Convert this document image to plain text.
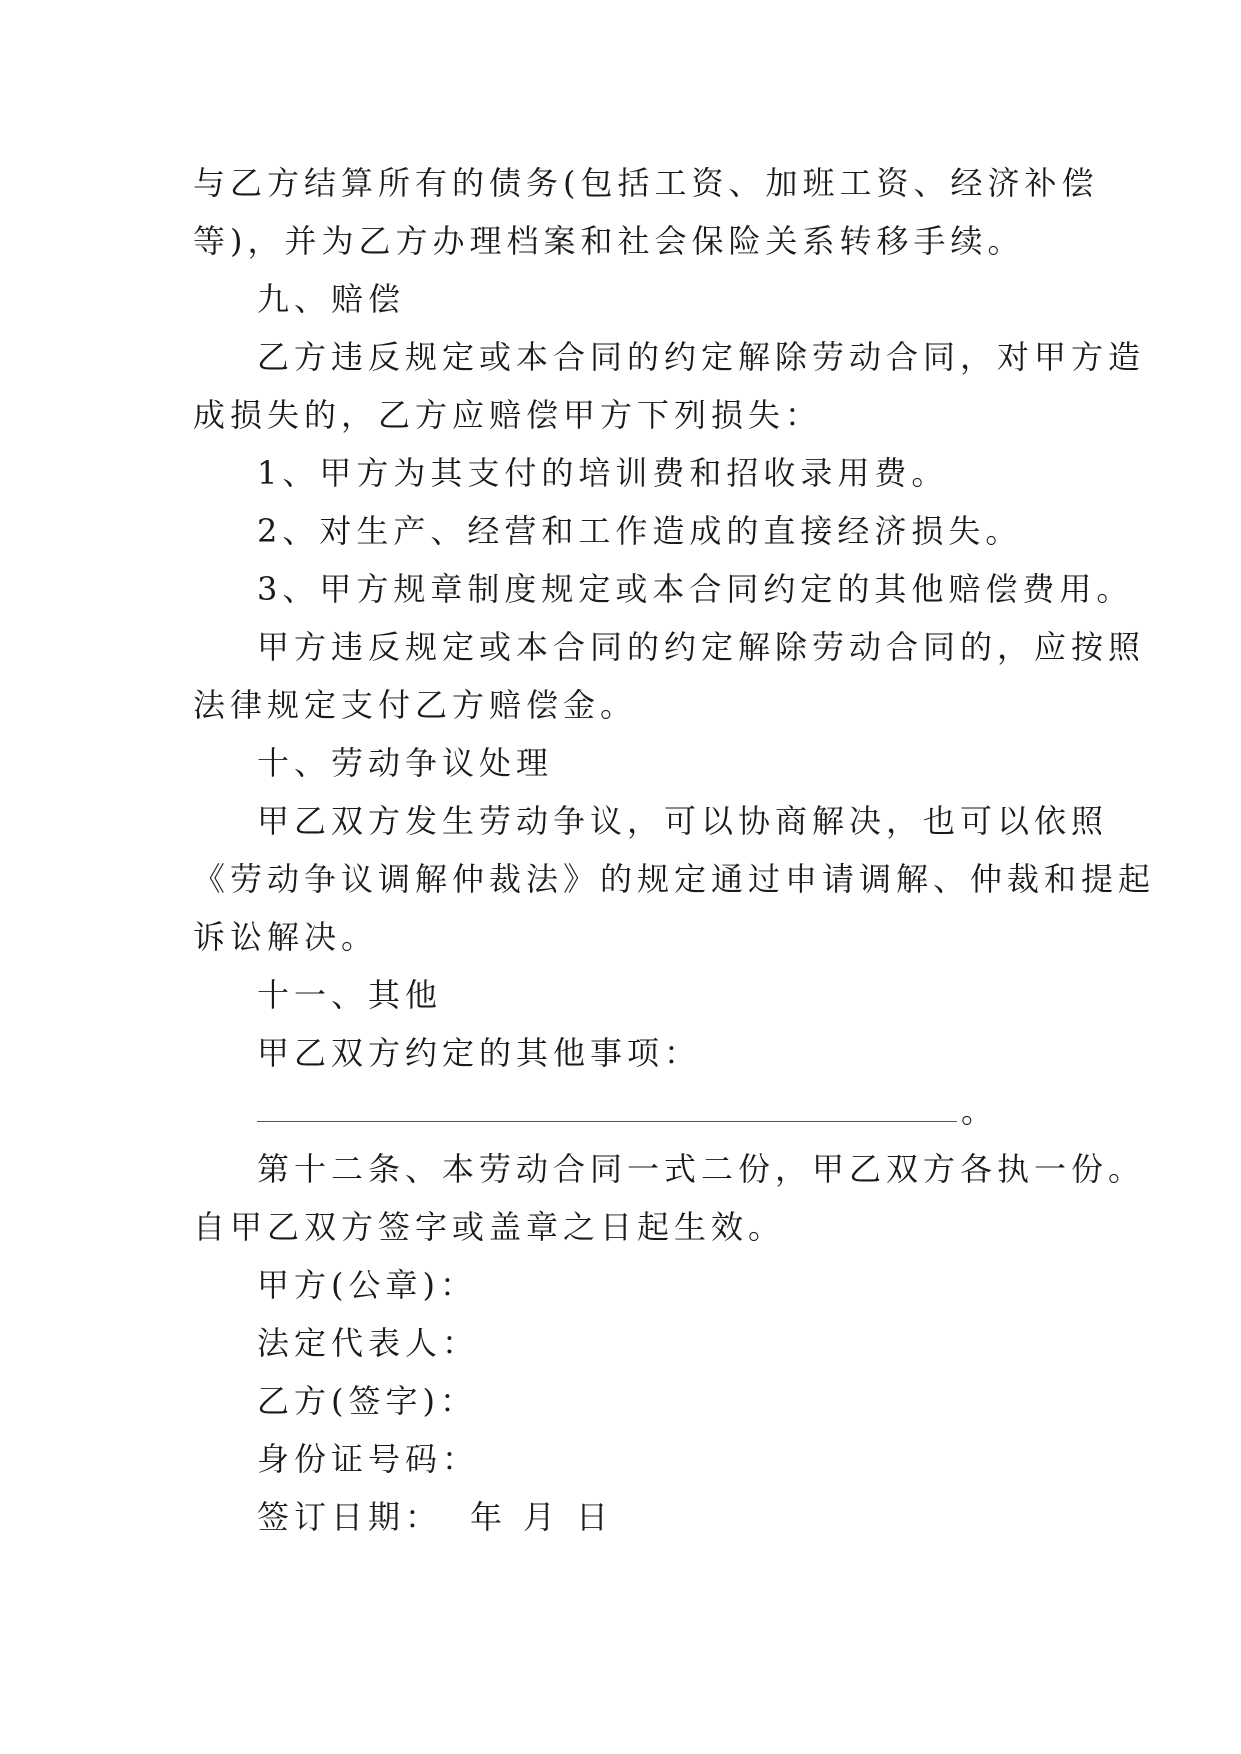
与乙方结算所有的债务(包括工资、加班工资、经济补偿
等)，并为乙方办理档案和社会保险关系转移手续。
九、赔偿
乙方违反规定或本合同的约定解除劳动合同，对甲方造
成损失的，乙方应赔偿甲方下列损失：
1、甲方为其支付的培训费和招收录用费。
2、对生产、经营和工作造成的直接经济损失。
3、甲方规章制度规定或本合同约定的其他赔偿费用。
甲方违反规定或本合同的约定解除劳动合同的，应按照
法律规定支付乙方赔偿金。
十、劳动争议处理
甲乙双方发生劳动争议，可以协商解决，也可以依照
《劳动争议调解仲裁法》的规定通过申请调解、仲裁和提起
诉讼解决。
十一、其他
甲乙双方约定的其他事项：
。
第十二条、本劳动合同一式二份，甲乙双方各执一份。
自甲乙双方签字或盖章之日起生效。
甲方(公章)：
法定代表人：
乙方(签字)：
身份证号码：
签订日期： 年 月 日
